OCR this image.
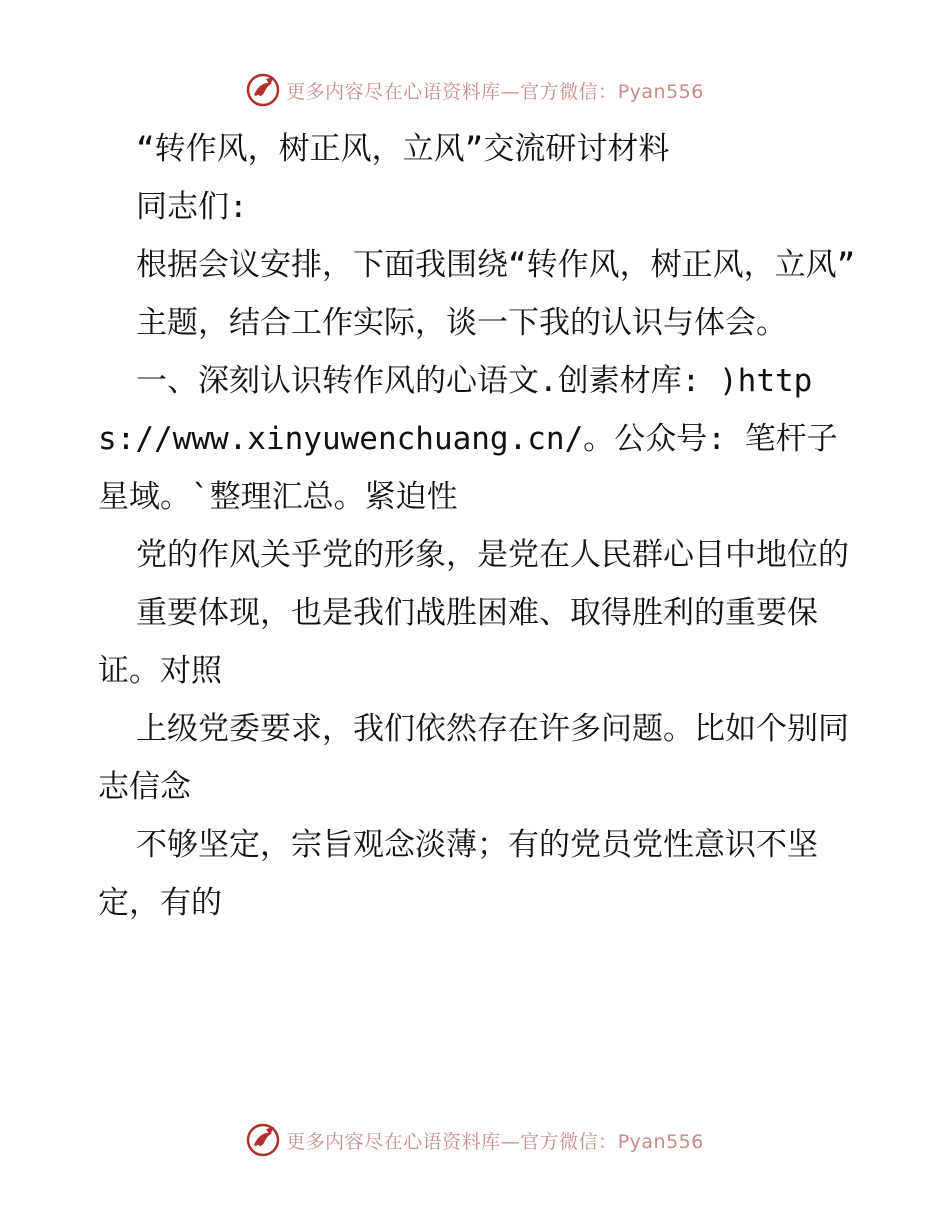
更多内容尽在心语资料库—官方微信：Pyan556

“转作风，树正风，立风”交流研讨材料

同志们:

根据会议安排，下面我围绕“转作风，树正风，立风”

主题，结合工作实际，谈一下我的认识与体会。

一、深刻认识转作风的心语文.创素材库: )https://www.xinyuwenchuang.cn/。公众号: 笔杆子星域。`整理汇总。紧迫性

党的作风关乎党的形象，是党在人民群心目中地位的

重要体现，也是我们战胜困难、取得胜利的重要保证。对照

上级党委要求，我们依然存在许多问题。比如个别同志信念

不够坚定，宗旨观念淡薄；有的党员党性意识不坚定，有的

更多内容尽在心语资料库—官方微信：Pyan556
